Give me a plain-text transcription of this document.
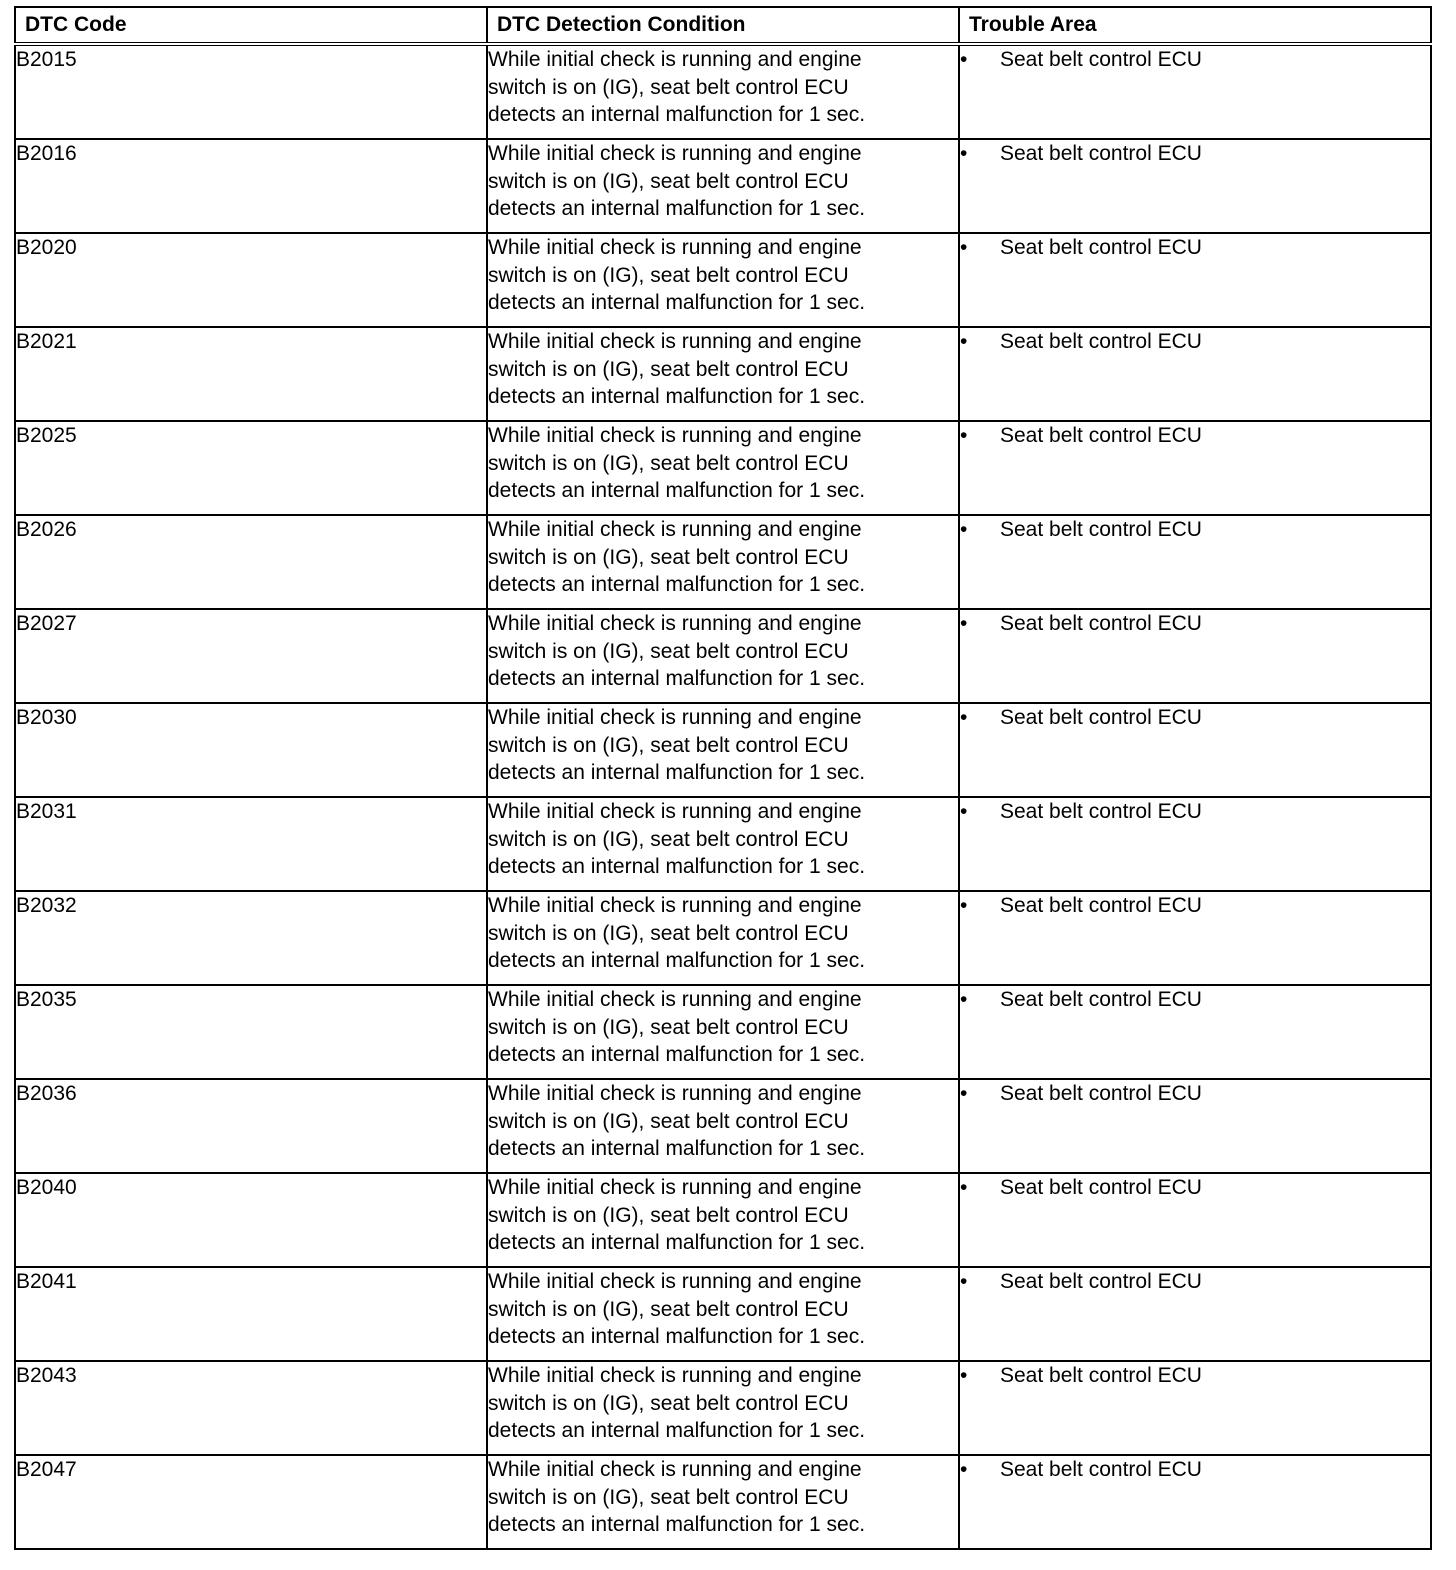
DTC Code	DTC Detection Condition	Trouble Area
B2015	While initial check is running and engine switch is on (IG), seat belt control ECU detects an internal malfunction for 1 sec.	• Seat belt control ECU

B2016	While initial check is running and engine switch is on (IG), seat belt control ECU detects an internal malfunction for 1 sec.	• Seat belt control ECU

B2020	While initial check is running and engine switch is on (IG), seat belt control ECU detects an internal malfunction for 1 sec.	• Seat belt control ECU

B2021	While initial check is running and engine switch is on (IG), seat belt control ECU detects an internal malfunction for 1 sec.	• Seat belt control ECU

B2025	While initial check is running and engine switch is on (IG), seat belt control ECU detects an internal malfunction for 1 sec.	• Seat belt control ECU

B2026	While initial check is running and engine switch is on (IG), seat belt control ECU detects an internal malfunction for 1 sec.	• Seat belt control ECU

B2027	While initial check is running and engine switch is on (IG), seat belt control ECU detects an internal malfunction for 1 sec.	• Seat belt control ECU

B2030	While initial check is running and engine switch is on (IG), seat belt control ECU detects an internal malfunction for 1 sec.	• Seat belt control ECU

B2031	While initial check is running and engine switch is on (IG), seat belt control ECU detects an internal malfunction for 1 sec.	• Seat belt control ECU

B2032	While initial check is running and engine switch is on (IG), seat belt control ECU detects an internal malfunction for 1 sec.	• Seat belt control ECU

B2035	While initial check is running and engine switch is on (IG), seat belt control ECU detects an internal malfunction for 1 sec.	• Seat belt control ECU

B2036	While initial check is running and engine switch is on (IG), seat belt control ECU detects an internal malfunction for 1 sec.	• Seat belt control ECU

B2040	While initial check is running and engine switch is on (IG), seat belt control ECU detects an internal malfunction for 1 sec.	• Seat belt control ECU

B2041	While initial check is running and engine switch is on (IG), seat belt control ECU detects an internal malfunction for 1 sec.	• Seat belt control ECU

B2043	While initial check is running and engine switch is on (IG), seat belt control ECU detects an internal malfunction for 1 sec.	• Seat belt control ECU

B2047	While initial check is running and engine switch is on (IG), seat belt control ECU detects an internal malfunction for 1 sec.	• Seat belt control ECU
